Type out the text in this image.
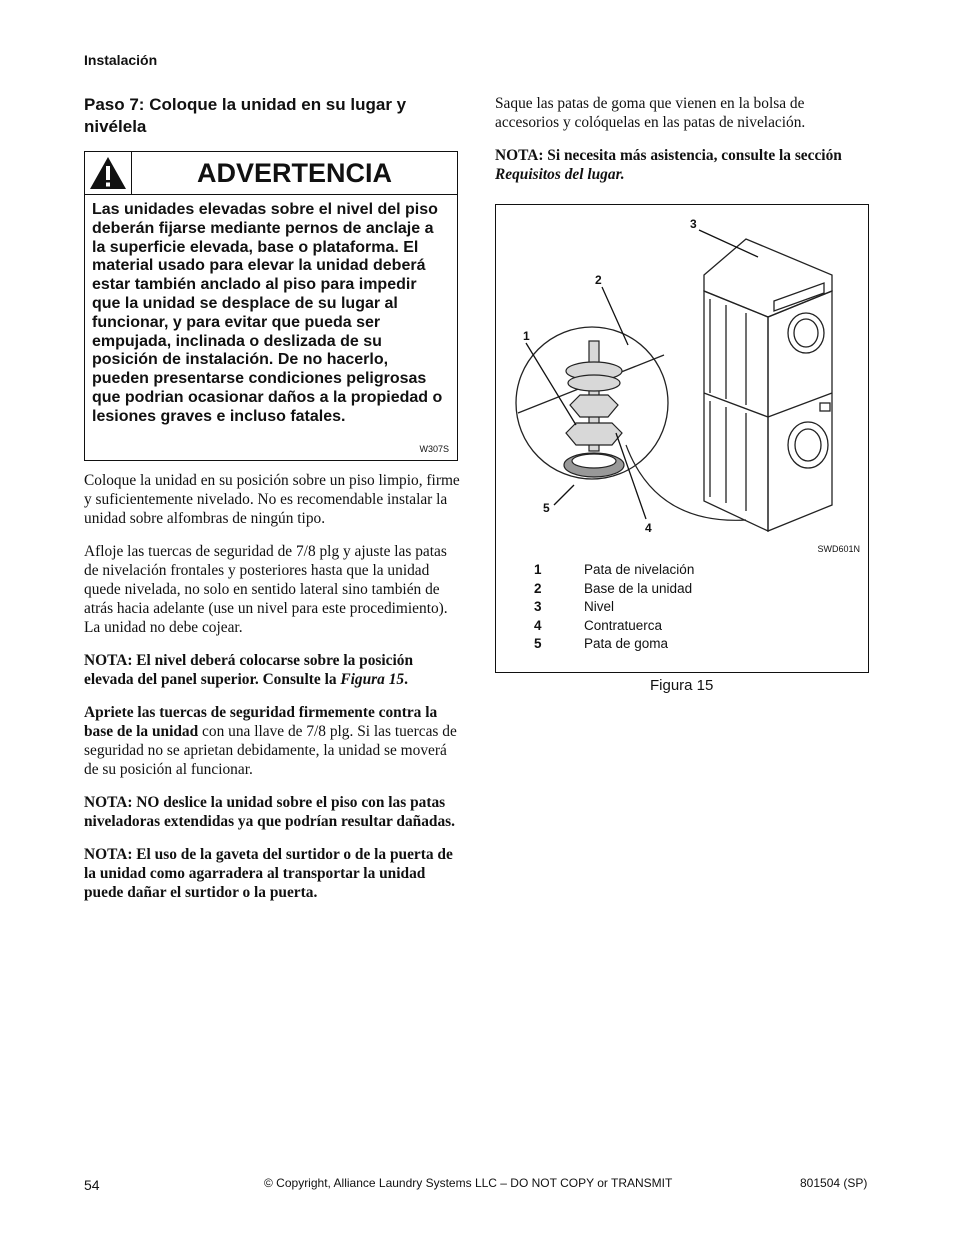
Instalación
Paso 7: Coloque la unidad en su lugar y nivélela
ADVERTENCIA
Las unidades elevadas sobre el nivel del piso deberán fijarse mediante pernos de anclaje a la superficie elevada, base o plataforma. El material usado para elevar la unidad deberá estar también anclado al piso para impedir que la unidad se desplace de su lugar al funcionar, y para evitar que pueda ser empujada, inclinada o deslizada de su posición de instalación. De no hacerlo, pueden presentarse condiciones peligrosas que podrian ocasionar daños a la propiedad o lesiones graves e incluso fatales.
W307S

Coloque la unidad en su posición sobre un piso limpio, firme y suficientemente nivelado. No es recomendable instalar la unidad sobre alfombras de ningún tipo.

Afloje las tuercas de seguridad de 7/8 plg y ajuste las patas de nivelación frontales y posteriores hasta que la unidad quede nivelada, no solo en sentido lateral sino también de atrás hacia adelante (use un nivel para este procedimiento). La unidad no debe cojear.

NOTA: El nivel deberá colocarse sobre la posición elevada del panel superior. Consulte la Figura 15.

Apriete las tuercas de seguridad firmemente contra la base de la unidad con una llave de 7/8 plg. Si las tuercas de seguridad no se aprietan debidamente, la unidad se moverá de su posición al funcionar.

NOTA: NO deslice la unidad sobre el piso con las patas niveladoras extendidas ya que podrían resultar dañadas.

NOTA: El uso de la gaveta del surtidor o de la puerta de la unidad como agarradera al transportar la unidad puede dañar el surtidor o la puerta.

Saque las patas de goma que vienen en la bolsa de accesorios y colóquelas en las patas de nivelación.

NOTA: Si necesita más asistencia, consulte la sección Requisitos del lugar.

1
2
3
4
5
SWD601N
1	Pata de nivelación
2	Base de la unidad
3	Nivel
4	Contratuerca
5	Pata de goma
Figura 15
54	© Copyright, Alliance Laundry Systems LLC – DO NOT COPY or TRANSMIT	801504 (SP)
